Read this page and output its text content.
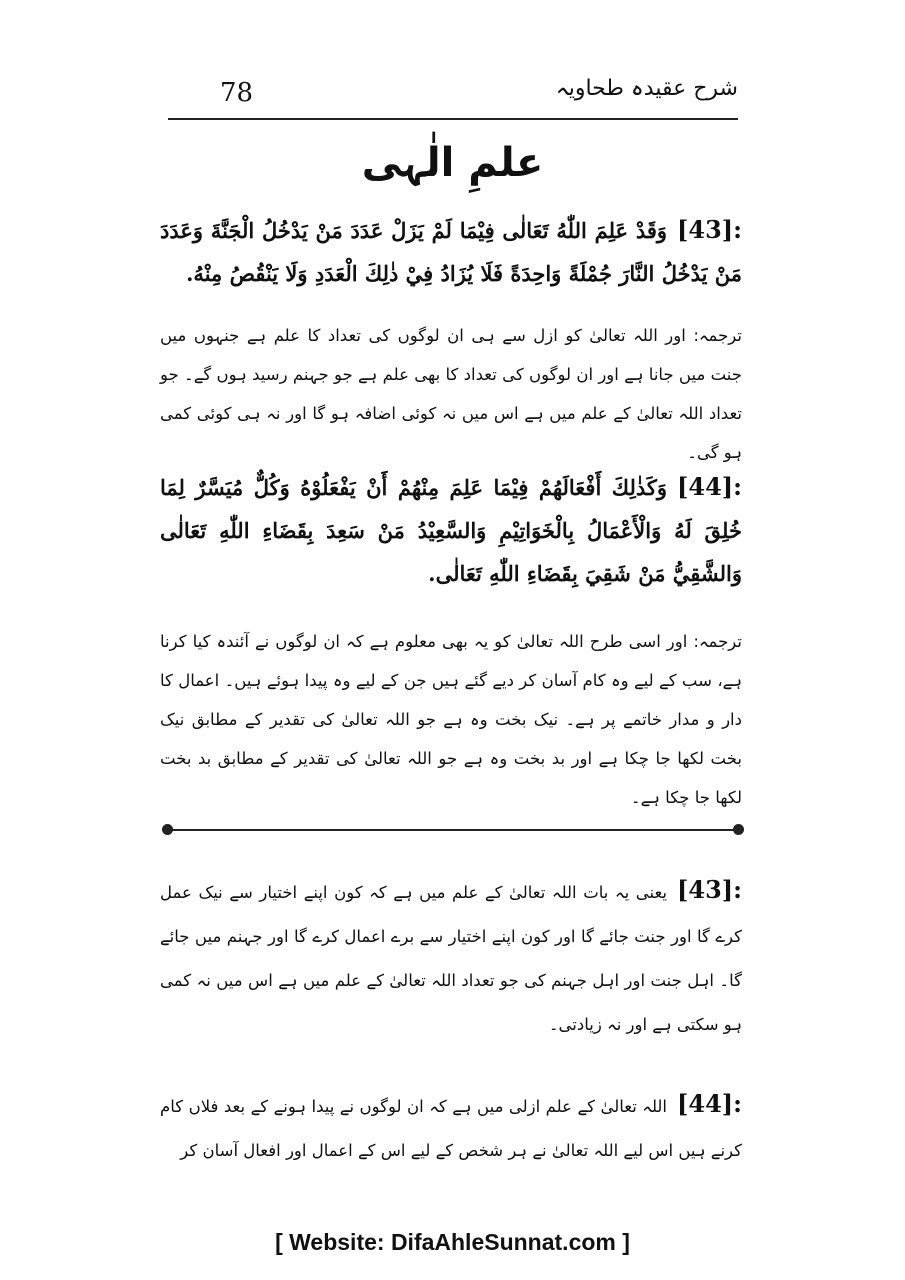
78	شرح عقیدہ طحاویہ
علمِ الٰہی
[43]:وَقَدْ عَلِمَ اللّٰهُ تَعَالٰى فِيْمَا لَمْ يَزَلْ عَدَدَ مَنْ يَدْخُلُ الْجَنَّةَ وَعَدَدَ مَنْ يَدْخُلُ النَّارَ جُمْلَةً وَاحِدَةً فَلَا يُزَادُ فِيْ ذٰلِكَ الْعَدَدِ وَلَا يَنْقُصُ مِنْهُ.
ترجمہ: اور اللہ تعالیٰ کو ازل سے ہی ان لوگوں کی تعداد کا علم ہے جنہوں میں جنت میں جانا ہے اور ان لوگوں کی تعداد کا بھی علم ہے جو جہنم رسید ہوں گے۔ جو تعداد اللہ تعالیٰ کے علم میں ہے اس میں نہ کوئی اضافہ ہو گا اور نہ ہی کوئی کمی ہو گی۔
[44]:وَكَذٰلِكَ أَفْعَالَهُمْ فِيْمَا عَلِمَ مِنْهُمْ أَنْ يَفْعَلُوْهُ وَكُلٌّ مُيَسَّرٌ لِمَا خُلِقَ لَهُ وَالْأَعْمَالُ بِالْخَوَاتِيْمِ وَالسَّعِيْدُ مَنْ سَعِدَ بِقَضَاءِ اللّٰهِ تَعَالٰى وَالشَّقِيُّ مَنْ شَقِيَ بِقَضَاءِ اللّٰهِ تَعَالٰى.
ترجمہ: اور اسی طرح اللہ تعالیٰ کو یہ بھی معلوم ہے کہ ان لوگوں نے آئندہ کیا کرنا ہے، سب کے لیے وہ کام آسان کر دیے گئے ہیں جن کے لیے وہ پیدا ہوئے ہیں۔ اعمال کا دار و مدار خاتمے پر ہے۔ نیک بخت وہ ہے جو اللہ تعالیٰ کی تقدیر کے مطابق نیک بخت لکھا جا چکا ہے اور بد بخت وہ ہے جو اللہ تعالیٰ کی تقدیر کے مطابق بد بخت لکھا جا چکا ہے۔
[43]:یعنی یہ بات اللہ تعالیٰ کے علم میں ہے کہ کون اپنے اختیار سے نیک عمل کرے گا اور جنت جائے گا اور کون اپنے اختیار سے برے اعمال کرے گا اور جہنم میں جائے گا۔ اہل جنت اور اہل جہنم کی جو تعداد اللہ تعالیٰ کے علم میں ہے اس میں نہ کمی ہو سکتی ہے اور نہ زیادتی۔
[44]:اللہ تعالیٰ کے علم ازلی میں ہے کہ ان لوگوں نے پیدا ہونے کے بعد فلاں کام کرنے ہیں اس لیے اللہ تعالیٰ نے ہر شخص کے لیے اس کے اعمال اور افعال آسان کر
[ Website: DifaAhleSunnat.com ]
